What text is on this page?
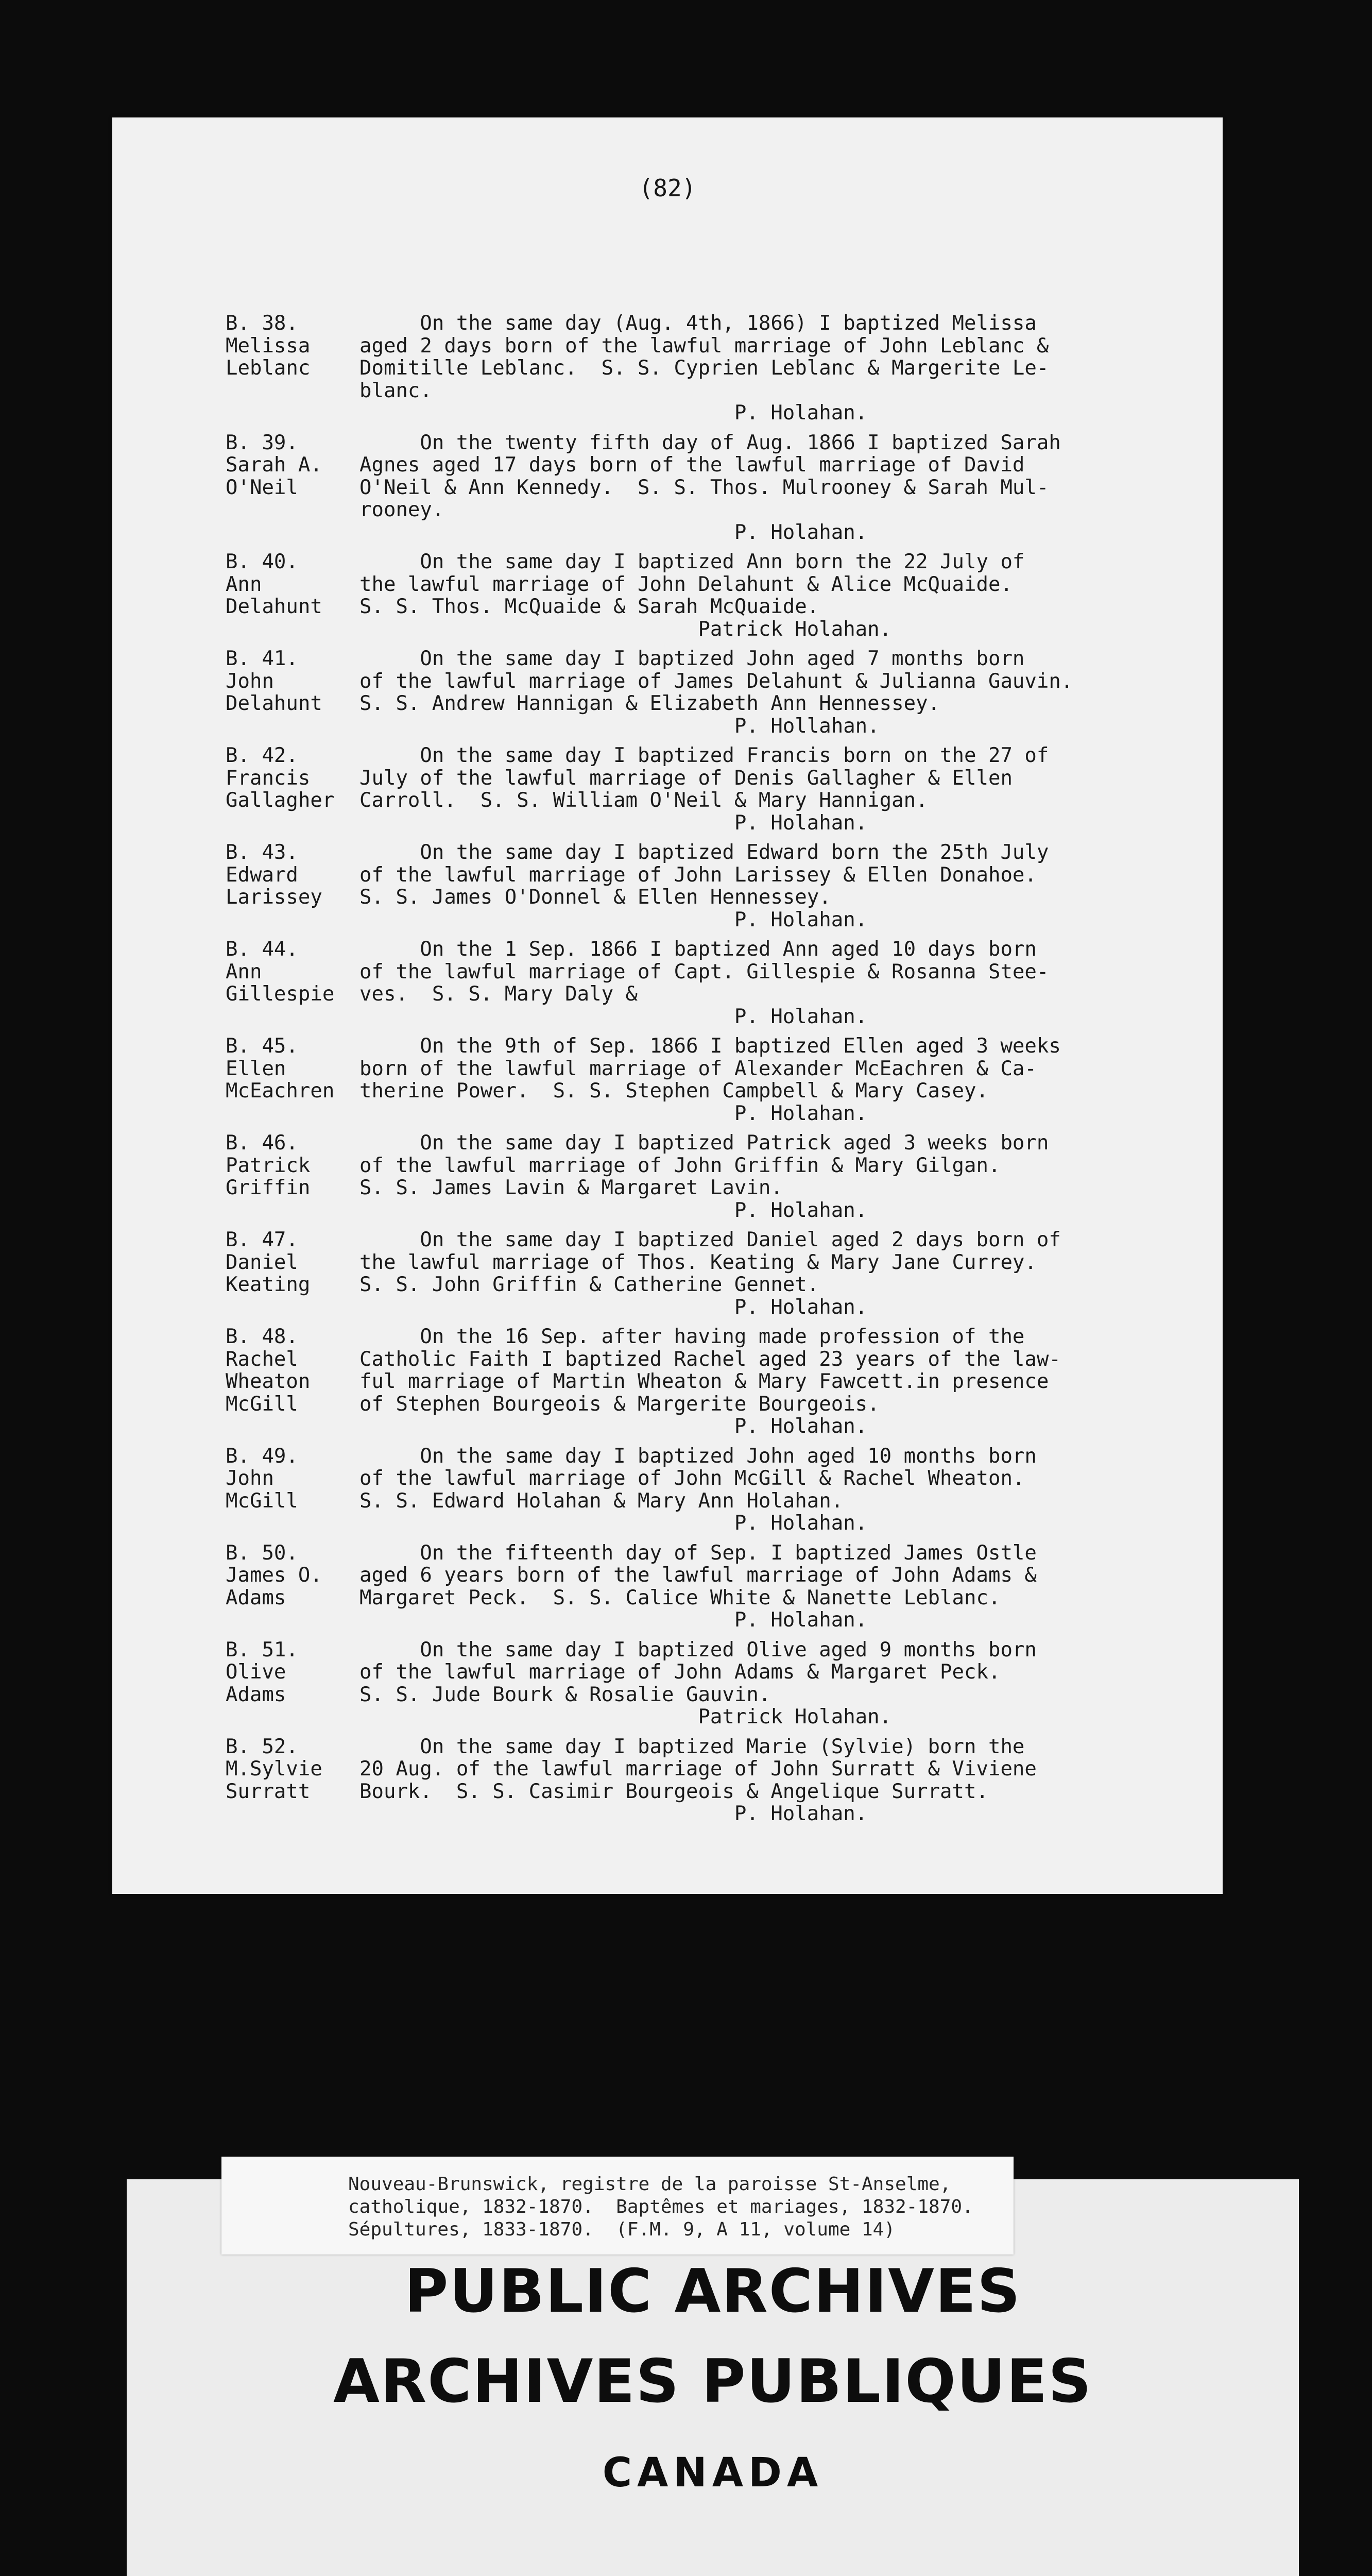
(82)
B. 38.
Melissa
Leblanc
On the same day (Aug. 4th, 1866) I baptized Melissa
aged 2 days born of the lawful marriage of John Leblanc &
Domitille Leblanc.  S. S. Cyprien Leblanc & Margerite Le-
blanc.
P. Holahan.
B. 39.
Sarah A.
O'Neil
On the twenty fifth day of Aug. 1866 I baptized Sarah
Agnes aged 17 days born of the lawful marriage of David
O'Neil & Ann Kennedy.  S. S. Thos. Mulrooney & Sarah Mul-
rooney.
P. Holahan.
B. 40.
Ann
Delahunt
On the same day I baptized Ann born the 22 July of
the lawful marriage of John Delahunt & Alice McQuaide.
S. S. Thos. McQuaide & Sarah McQuaide.
Patrick Holahan.
B. 41.
John
Delahunt
On the same day I baptized John aged 7 months born
of the lawful marriage of James Delahunt & Julianna Gauvin.
S. S. Andrew Hannigan & Elizabeth Ann Hennessey.
P. Hollahan.
B. 42.
Francis
Gallagher
On the same day I baptized Francis born on the 27 of
July of the lawful marriage of Denis Gallagher & Ellen
Carroll.  S. S. William O'Neil & Mary Hannigan.
P. Holahan.
B. 43.
Edward
Larissey
On the same day I baptized Edward born the 25th July
of the lawful marriage of John Larissey & Ellen Donahoe.
S. S. James O'Donnel & Ellen Hennessey.
P. Holahan.
B. 44.
Ann
Gillespie
On the 1 Sep. 1866 I baptized Ann aged 10 days born
of the lawful marriage of Capt. Gillespie & Rosanna Stee-
ves.  S. S. Mary Daly &
P. Holahan.
B. 45.
Ellen
McEachren
On the 9th of Sep. 1866 I baptized Ellen aged 3 weeks
born of the lawful marriage of Alexander McEachren & Ca-
therine Power.  S. S. Stephen Campbell & Mary Casey.
P. Holahan.
B. 46.
Patrick
Griffin
On the same day I baptized Patrick aged 3 weeks born
of the lawful marriage of John Griffin & Mary Gilgan.
S. S. James Lavin & Margaret Lavin.
P. Holahan.
B. 47.
Daniel
Keating
On the same day I baptized Daniel aged 2 days born of
the lawful marriage of Thos. Keating & Mary Jane Currey.
S. S. John Griffin & Catherine Gennet.
P. Holahan.
B. 48.
Rachel
Wheaton
McGill
On the 16 Sep. after having made profession of the
Catholic Faith I baptized Rachel aged 23 years of the law-
ful marriage of Martin Wheaton & Mary Fawcett.in presence
of Stephen Bourgeois & Margerite Bourgeois.
P. Holahan.
B. 49.
John
McGill
On the same day I baptized John aged 10 months born
of the lawful marriage of John McGill & Rachel Wheaton.
S. S. Edward Holahan & Mary Ann Holahan.
P. Holahan.
B. 50.
James O.
Adams
On the fifteenth day of Sep. I baptized James Ostle
aged 6 years born of the lawful marriage of John Adams &
Margaret Peck.  S. S. Calice White & Nanette Leblanc.
P. Holahan.
B. 51.
Olive
Adams
On the same day I baptized Olive aged 9 months born
of the lawful marriage of John Adams & Margaret Peck.
S. S. Jude Bourk & Rosalie Gauvin.
Patrick Holahan.
B. 52.
M.Sylvie
Surratt
On the same day I baptized Marie (Sylvie) born the
20 Aug. of the lawful marriage of John Surratt & Viviene
Bourk.  S. S. Casimir Bourgeois & Angelique Surratt.
P. Holahan.
Nouveau-Brunswick, registre de la paroisse St-Anselme,
catholique, 1832-1870.  Baptêmes et mariages, 1832-1870.
Sépultures, 1833-1870.  (F.M. 9, A 11, volume 14)
PUBLIC ARCHIVES
ARCHIVES PUBLIQUES
CANADA
